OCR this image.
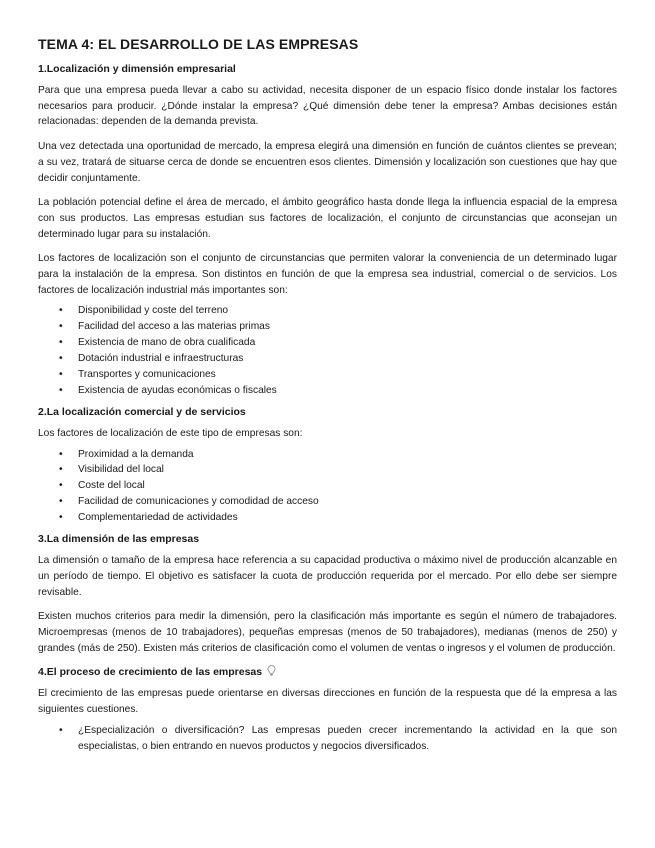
TEMA 4: EL DESARROLLO DE LAS EMPRESAS
1.Localización y dimensión empresarial

Para que una empresa pueda llevar a cabo su actividad, necesita disponer de un espacio físico donde instalar los factores necesarios para producir. ¿Dónde instalar la empresa? ¿Qué dimensión debe tener la empresa? Ambas decisiones están relacionadas: dependen de la demanda prevista.

Una vez detectada una oportunidad de mercado, la empresa elegirá una dimensión en función de cuántos clientes se prevean; a su vez, tratará de situarse cerca de donde se encuentren esos clientes. Dimensión y localización son cuestiones que hay que decidir conjuntamente.

La población potencial define el área de mercado, el ámbito geográfico hasta donde llega la influencia espacial de la empresa con sus productos. Las empresas estudian sus factores de localización, el conjunto de circunstancias que aconsejan un determinado lugar para su instalación.

Los factores de localización son el conjunto de circunstancias que permiten valorar la conveniencia de un determinado lugar para la instalación de la empresa. Son distintos en función de que la empresa sea industrial, comercial o de servicios. Los factores de localización industrial más importantes son:

• Disponibilidad y coste del terreno
• Facilidad del acceso a las materias primas
• Existencia de mano de obra cualificada
• Dotación industrial e infraestructuras
• Transportes y comunicaciones
• Existencia de ayudas económicas o fiscales
2.La localización comercial y de servicios

Los factores de localización de este tipo de empresas son:

• Proximidad a la demanda
• Visibilidad del local
• Coste del local
• Facilidad de comunicaciones y comodidad de acceso
• Complementariedad de actividades
3.La dimensión de las empresas

La dimensión o tamaño de la empresa hace referencia a su capacidad productiva o máximo nivel de producción alcanzable en un período de tiempo. El objetivo es satisfacer la cuota de producción requerida por el mercado. Por ello debe ser siempre revisable.

Existen muchos criterios para medir la dimensión, pero la clasificación más importante es según el número de trabajadores. Microempresas (menos de 10 trabajadores), pequeñas empresas (menos de 50 trabajadores), medianas (menos de 250) y grandes (más de 250). Existen más criterios de clasificación como el volumen de ventas o ingresos y el volumen de producción.

4.El proceso de crecimiento de las empresas

El crecimiento de las empresas puede orientarse en diversas direcciones en función de la respuesta que dé la empresa a las siguientes cuestiones.

• ¿Especialización o diversificación? Las empresas pueden crecer incrementando la actividad en la que son especialistas, o bien entrando en nuevos productos y negocios diversificados.
